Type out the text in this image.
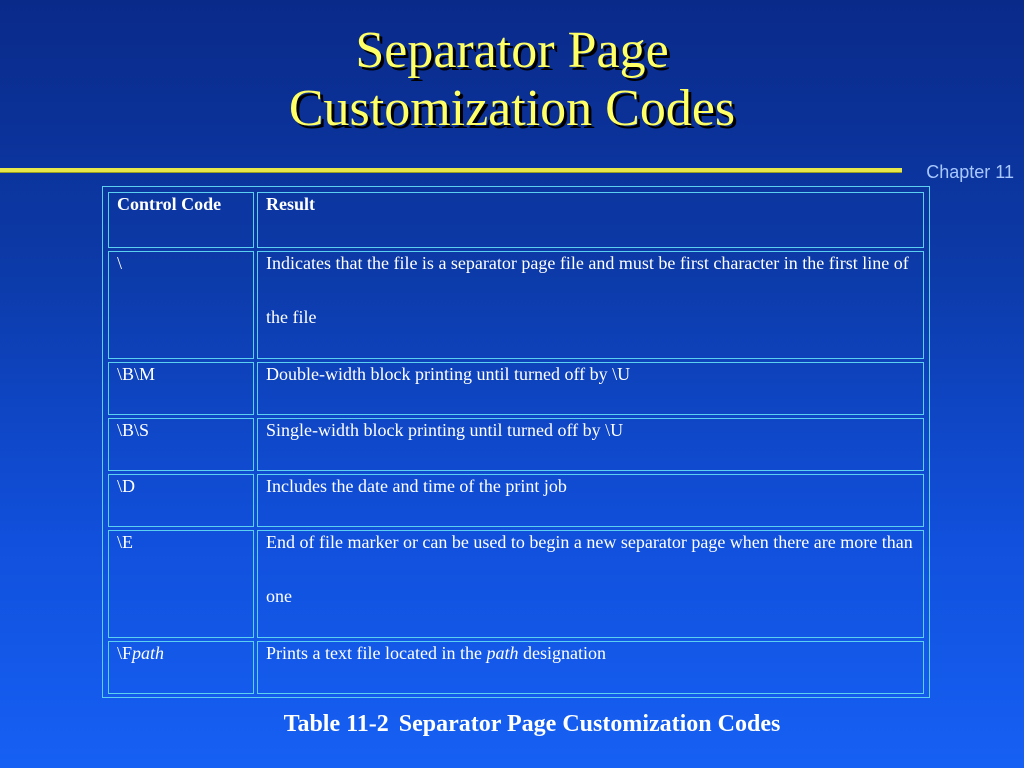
Separator Page
Customization Codes
Chapter 11

Control Code	Result

\	Indicates that the file is a separator page file and must be first character in the first line of the file

\B\M	Double-width block printing until turned off by \U

\B\S	Single-width block printing until turned off by \U

\D	Includes the date and time of the print job

\E	End of file marker or can be used to begin a new separator page when there are more than one

\Fpath	Prints a text file located in the path designation

Table 11-2 Separator Page Customization Codes
